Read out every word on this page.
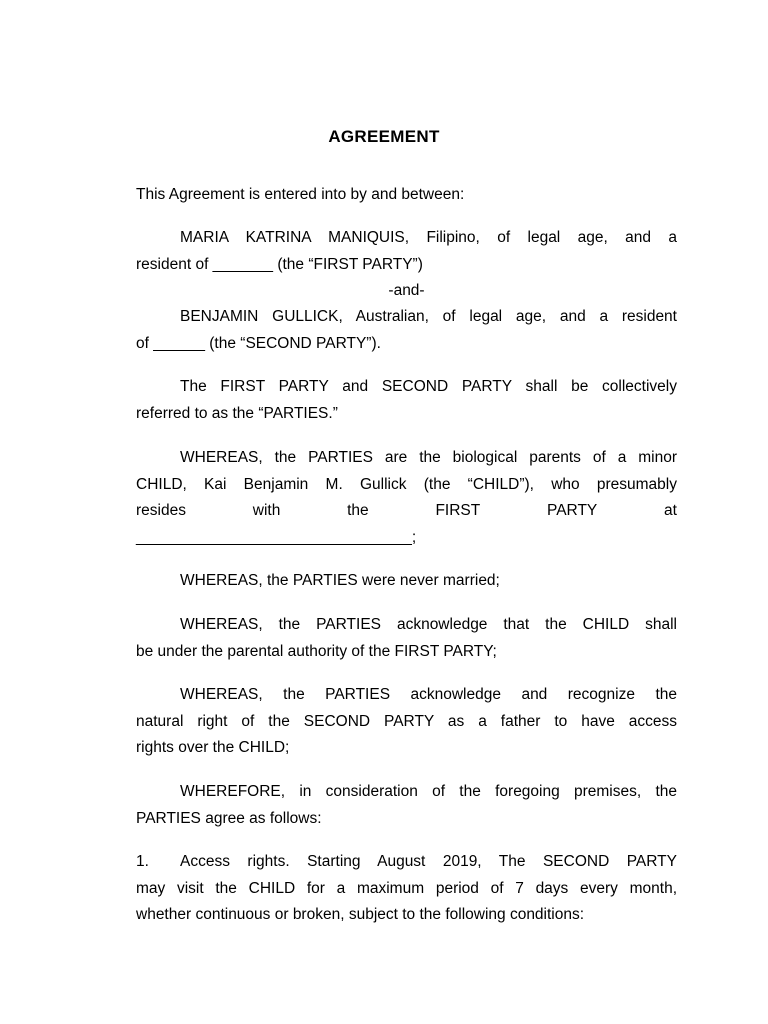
AGREEMENT
This Agreement is entered into by and between:
MARIA KATRINA MANIQUIS, Filipino, of legal age, and a
resident of _______ (the “FIRST PARTY”)
-and-
BENJAMIN GULLICK, Australian, of legal age, and a resident
of ______ (the “SECOND PARTY”).
The FIRST PARTY and SECOND PARTY shall be collectively
referred to as the “PARTIES.”
WHEREAS, the PARTIES are the biological parents of a minor
CHILD, Kai Benjamin M. Gullick (the “CHILD”), who presumably
resides	with	the	FIRST	PARTY	at
________________________________;
WHEREAS, the PARTIES were never married;
WHEREAS, the PARTIES acknowledge that the CHILD shall
be under the parental authority of the FIRST PARTY;
WHEREAS, the PARTIES acknowledge and recognize the
natural right of the SECOND PARTY as a father to have access
rights over the CHILD;
WHEREFORE, in consideration of the foregoing premises, the
PARTIES agree as follows:
1. Access rights. Starting August 2019, The SECOND PARTY
may visit the CHILD for a maximum period of 7 days every month,
whether continuous or broken, subject to the following conditions:
